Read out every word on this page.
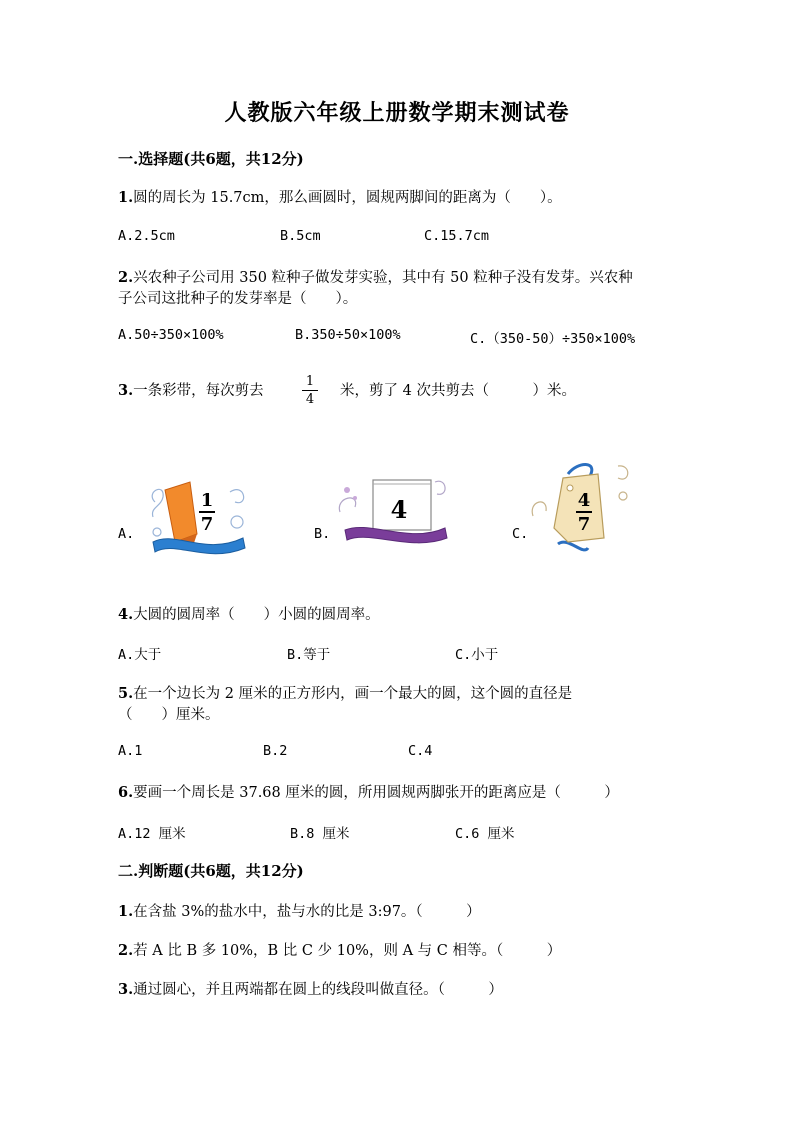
人教版六年级上册数学期末测试卷
一.选择题(共6题，共12分)
1.圆的周长为 15.7cm，那么画圆时，圆规两脚间的距离为（　　）。
A.2.5cm	B.5cm	C.15.7cm
2.兴农种子公司用 350 粒种子做发芽实验，其中有 50 粒种子没有发芽。兴农种
子公司这批种子的发芽率是（　　）。
A.50÷350×100%	B.350÷50×100%	C.（350-50）÷350×100%
3.一条彩带，每次剪去
1
4
米，剪了 4 次共剪去（　　　）米。
A.	B.	C.
1
7
4	4
7
4.大圆的圆周率（　　）小圆的圆周率。
A.大于	B.等于	C.小于
5.在一个边长为 2 厘米的正方形内，画一个最大的圆，这个圆的直径是
（　　）厘米。
A.1	B.2	C.4
6.要画一个周长是 37.68 厘米的圆，所用圆规两脚张开的距离应是（　　　）
A.12 厘米	B.8 厘米	C.6 厘米
二.判断题(共6题，共12分)
1.在含盐 3%的盐水中，盐与水的比是 3:97。（　　　）
2.若 A 比 B 多 10%，B 比 C 少 10%，则 A 与 C 相等。（　　　）
3.通过圆心，并且两端都在圆上的线段叫做直径。（　　　）
